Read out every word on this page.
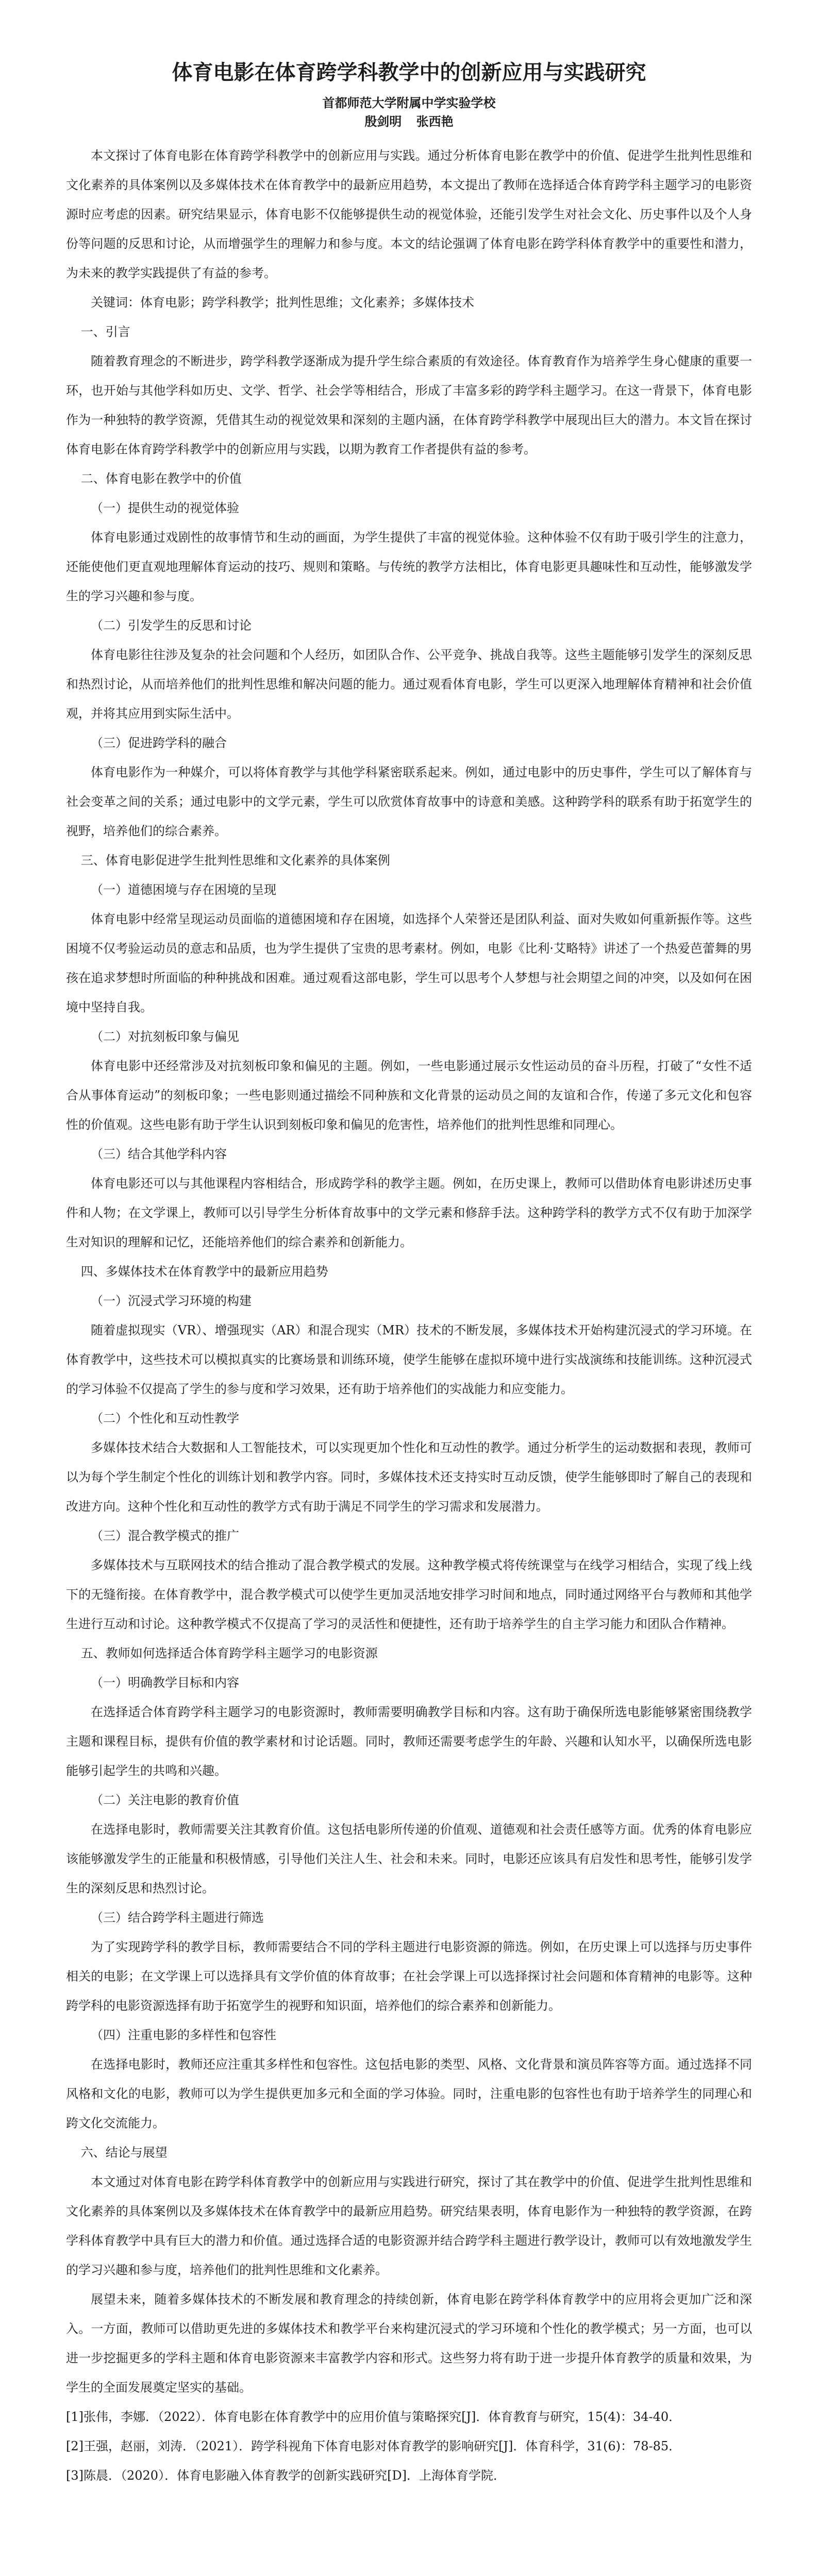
体育电影在体育跨学科教学中的创新应用与实践研究
首都师范大学附属中学实验学校
殷剑明 张西艳

本文探讨了体育电影在体育跨学科教学中的创新应用与实践。通过分析体育电影在教学中的价值、促进学生批判性思维和文化素养的具体案例以及多媒体技术在体育教学中的最新应用趋势，本文提出了教师在选择适合体育跨学科主题学习的电影资源时应考虑的因素。研究结果显示，体育电影不仅能够提供生动的视觉体验，还能引发学生对社会文化、历史事件以及个人身份等问题的反思和讨论，从而增强学生的理解力和参与度。本文的结论强调了体育电影在跨学科体育教学中的重要性和潜力，为未来的教学实践提供了有益的参考。

关键词：体育电影；跨学科教学；批判性思维；文化素养；多媒体技术
一、引言

随着教育理念的不断进步，跨学科教学逐渐成为提升学生综合素质的有效途径。体育教育作为培养学生身心健康的重要一环，也开始与其他学科如历史、文学、哲学、社会学等相结合，形成了丰富多彩的跨学科主题学习。在这一背景下，体育电影作为一种独特的教学资源，凭借其生动的视觉效果和深刻的主题内涵，在体育跨学科教学中展现出巨大的潜力。本文旨在探讨体育电影在体育跨学科教学中的创新应用与实践，以期为教育工作者提供有益的参考。

二、体育电影在教学中的价值
（一）提供生动的视觉体验

体育电影通过戏剧性的故事情节和生动的画面，为学生提供了丰富的视觉体验。这种体验不仅有助于吸引学生的注意力，还能使他们更直观地理解体育运动的技巧、规则和策略。与传统的教学方法相比，体育电影更具趣味性和互动性，能够激发学生的学习兴趣和参与度。

（二）引发学生的反思和讨论

体育电影往往涉及复杂的社会问题和个人经历，如团队合作、公平竞争、挑战自我等。这些主题能够引发学生的深刻反思和热烈讨论，从而培养他们的批判性思维和解决问题的能力。通过观看体育电影，学生可以更深入地理解体育精神和社会价值观，并将其应用到实际生活中。

（三）促进跨学科的融合

体育电影作为一种媒介，可以将体育教学与其他学科紧密联系起来。例如，通过电影中的历史事件，学生可以了解体育与社会变革之间的关系；通过电影中的文学元素，学生可以欣赏体育故事中的诗意和美感。这种跨学科的联系有助于拓宽学生的视野，培养他们的综合素养。

三、体育电影促进学生批判性思维和文化素养的具体案例
（一）道德困境与存在困境的呈现

体育电影中经常呈现运动员面临的道德困境和存在困境，如选择个人荣誉还是团队利益、面对失败如何重新振作等。这些困境不仅考验运动员的意志和品质，也为学生提供了宝贵的思考素材。例如，电影《比利·艾略特》讲述了一个热爱芭蕾舞的男孩在追求梦想时所面临的种种挑战和困难。通过观看这部电影，学生可以思考个人梦想与社会期望之间的冲突，以及如何在困境中坚持自我。

（二）对抗刻板印象与偏见

体育电影中还经常涉及对抗刻板印象和偏见的主题。例如，一些电影通过展示女性运动员的奋斗历程，打破了“女性不适合从事体育运动”的刻板印象；一些电影则通过描绘不同种族和文化背景的运动员之间的友谊和合作，传递了多元文化和包容性的价值观。这些电影有助于学生认识到刻板印象和偏见的危害性，培养他们的批判性思维和同理心。

（三）结合其他学科内容

体育电影还可以与其他课程内容相结合，形成跨学科的教学主题。例如，在历史课上，教师可以借助体育电影讲述历史事件和人物；在文学课上，教师可以引导学生分析体育故事中的文学元素和修辞手法。这种跨学科的教学方式不仅有助于加深学生对知识的理解和记忆，还能培养他们的综合素养和创新能力。

四、多媒体技术在体育教学中的最新应用趋势
（一）沉浸式学习环境的构建

随着虚拟现实（VR）、增强现实（AR）和混合现实（MR）技术的不断发展，多媒体技术开始构建沉浸式的学习环境。在体育教学中，这些技术可以模拟真实的比赛场景和训练环境，使学生能够在虚拟环境中进行实战演练和技能训练。这种沉浸式的学习体验不仅提高了学生的参与度和学习效果，还有助于培养他们的实战能力和应变能力。

（二）个性化和互动性教学

多媒体技术结合大数据和人工智能技术，可以实现更加个性化和互动性的教学。通过分析学生的运动数据和表现，教师可以为每个学生制定个性化的训练计划和教学内容。同时，多媒体技术还支持实时互动反馈，使学生能够即时了解自己的表现和改进方向。这种个性化和互动性的教学方式有助于满足不同学生的学习需求和发展潜力。

（三）混合教学模式的推广

多媒体技术与互联网技术的结合推动了混合教学模式的发展。这种教学模式将传统课堂与在线学习相结合，实现了线上线下的无缝衔接。在体育教学中，混合教学模式可以使学生更加灵活地安排学习时间和地点，同时通过网络平台与教师和其他学生进行互动和讨论。这种教学模式不仅提高了学习的灵活性和便捷性，还有助于培养学生的自主学习能力和团队合作精神。

五、教师如何选择适合体育跨学科主题学习的电影资源
（一）明确教学目标和内容

在选择适合体育跨学科主题学习的电影资源时，教师需要明确教学目标和内容。这有助于确保所选电影能够紧密围绕教学主题和课程目标，提供有价值的教学素材和讨论话题。同时，教师还需要考虑学生的年龄、兴趣和认知水平，以确保所选电影能够引起学生的共鸣和兴趣。

（二）关注电影的教育价值

在选择电影时，教师需要关注其教育价值。这包括电影所传递的价值观、道德观和社会责任感等方面。优秀的体育电影应该能够激发学生的正能量和积极情感，引导他们关注人生、社会和未来。同时，电影还应该具有启发性和思考性，能够引发学生的深刻反思和热烈讨论。

（三）结合跨学科主题进行筛选

为了实现跨学科的教学目标，教师需要结合不同的学科主题进行电影资源的筛选。例如，在历史课上可以选择与历史事件相关的电影；在文学课上可以选择具有文学价值的体育故事；在社会学课上可以选择探讨社会问题和体育精神的电影等。这种跨学科的电影资源选择有助于拓宽学生的视野和知识面，培养他们的综合素养和创新能力。

（四）注重电影的多样性和包容性

在选择电影时，教师还应注重其多样性和包容性。这包括电影的类型、风格、文化背景和演员阵容等方面。通过选择不同风格和文化的电影，教师可以为学生提供更加多元和全面的学习体验。同时，注重电影的包容性也有助于培养学生的同理心和跨文化交流能力。

六、结论与展望

本文通过对体育电影在跨学科体育教学中的创新应用与实践进行研究，探讨了其在教学中的价值、促进学生批判性思维和文化素养的具体案例以及多媒体技术在体育教学中的最新应用趋势。研究结果表明，体育电影作为一种独特的教学资源，在跨学科体育教学中具有巨大的潜力和价值。通过选择合适的电影资源并结合跨学科主题进行教学设计，教师可以有效地激发学生的学习兴趣和参与度，培养他们的批判性思维和文化素养。

展望未来，随着多媒体技术的不断发展和教育理念的持续创新，体育电影在跨学科体育教学中的应用将会更加广泛和深入。一方面，教师可以借助更先进的多媒体技术和教学平台来构建沉浸式的学习环境和个性化的教学模式；另一方面，也可以进一步挖掘更多的学科主题和体育电影资源来丰富教学内容和形式。这些努力将有助于进一步提升体育教学的质量和效果，为学生的全面发展奠定坚实的基础。

[1]张伟，李娜．（2022）．体育电影在体育教学中的应用价值与策略探究[J]．体育教育与研究，15(4)：34-40．

[2]王强，赵丽，刘涛．（2021）．跨学科视角下体育电影对体育教学的影响研究[J]．体育科学，31(6)：78-85．

[3]陈晨．（2020）．体育电影融入体育教学的创新实践研究[D]．上海体育学院．
